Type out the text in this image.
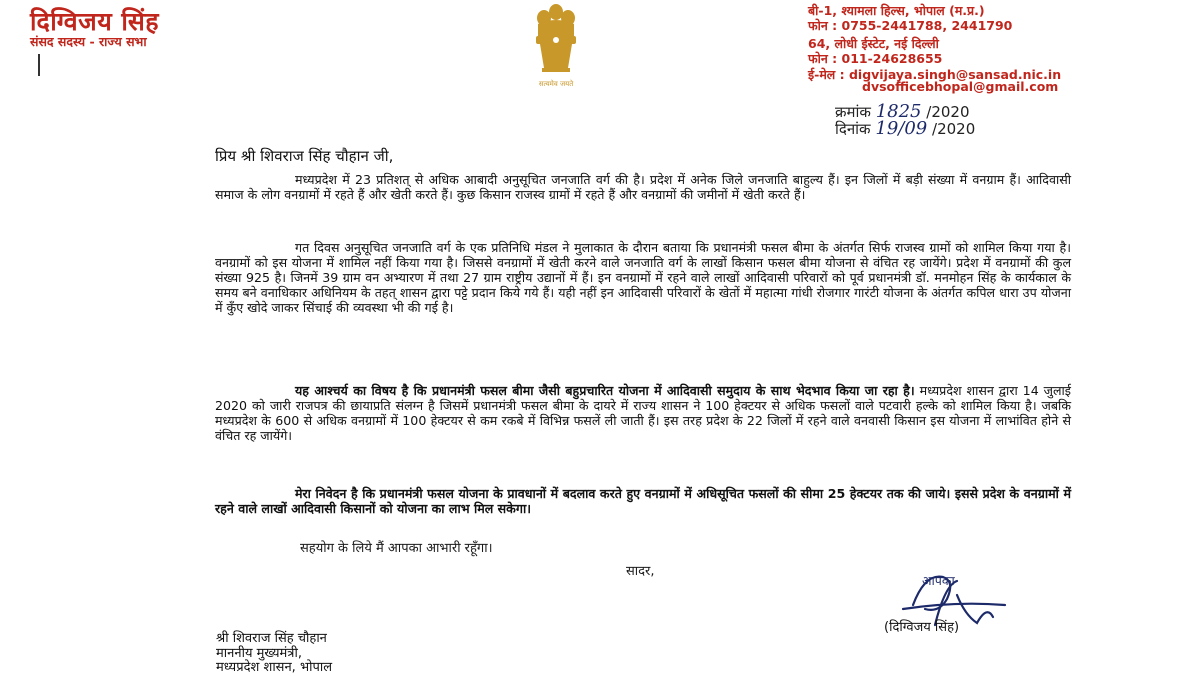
दिग्विजय सिंह
संसद सदस्य - राज्य सभा
सत्यमेव जयते
बी-1, श्यामला हिल्स, भोपाल (म.प्र.)
फोन : 0755-2441788, 2441790
64, लोधी ईस्टेट, नई दिल्ली
फोन : 011-24628655
ई-मेल : digvijaya.singh@sansad.nic.in
dvsofficebhopal@gmail.com
क्रमांक 1825 /2020
दिनांक 19/09 /2020
प्रिय श्री शिवराज सिंह चौहान जी,

मध्यप्रदेश में 23 प्रतिशत् से अधिक आबादी अनुसूचित जनजाति वर्ग की है। प्रदेश में अनेक जिले जनजाति बाहुल्य हैं। इन जिलों में बड़ी संख्या में वनग्राम हैं। आदिवासी समाज के लोग वनग्रामों में रहते हैं और खेती करते हैं। कुछ किसान राजस्व ग्रामों में रहते हैं और वनग्रामों की जमीनों में खेती करते हैं।

गत दिवस अनुसूचित जनजाति वर्ग के एक प्रतिनिधि मंडल ने मुलाकात के दौरान बताया कि प्रधानमंत्री फसल बीमा के अंतर्गत सिर्फ राजस्व ग्रामों को शामिल किया गया है। वनग्रामों को इस योजना में शामिल नहीं किया गया है। जिससे वनग्रामों में खेती करने वाले जनजाति वर्ग के लाखों किसान फसल बीमा योजना से वंचित रह जायेंगे। प्रदेश में वनग्रामों की कुल संख्या 925 है। जिनमें 39 ग्राम वन अभ्यारण में तथा 27 ग्राम राष्ट्रीय उद्यानों में हैं। इन वनग्रामों में रहने वाले लाखों आदिवासी परिवारों को पूर्व प्रधानमंत्री डॉ. मनमोहन सिंह के कार्यकाल के समय बने वनाधिकार अधिनियम के तहत् शासन द्वारा पट्टे प्रदान किये गये हैं। यही नहीं इन आदिवासी परिवारों के खेतों में महात्मा गांधी रोजगार गारंटी योजना के अंतर्गत कपिल धारा उप योजना में कुँए खोदे जाकर सिंचाई की व्यवस्था भी की गई है।

यह आश्चर्य का विषय है कि प्रधानमंत्री फसल बीमा जैसी बहुप्रचारित योजना में आदिवासी समुदाय के साथ भेदभाव किया जा रहा है। मध्यप्रदेश शासन द्वारा 14 जुलाई 2020 को जारी राजपत्र की छायाप्रति संलग्न है जिसमें प्रधानमंत्री फसल बीमा के दायरे में राज्य शासन ने 100 हेक्टयर से अधिक फसलों वाले पटवारी हल्के को शामिल किया है। जबकि मध्यप्रदेश के 600 से अधिक वनग्रामों में 100 हेक्टयर से कम रकबे में विभिन्न फसलें ली जाती हैं। इस तरह प्रदेश के 22 जिलों में रहने वाले वनवासी किसान इस योजना में लाभांवित होने से वंचित रह जायेंगे।

मेरा निवेदन है कि प्रधानमंत्री फसल योजना के प्रावधानों में बदलाव करते हुए वनग्रामों में अधिसूचित फसलों की सीमा 25 हेक्टयर तक की जाये। इससे प्रदेश के वनग्रामों में रहने वाले लाखों आदिवासी किसानों को योजना का लाभ मिल सकेगा।

सहयोग के लिये मैं आपका आभारी रहूँगा।
सादर,
आपका
(दिग्विजय सिंह)
श्री शिवराज सिंह चौहान
माननीय मुख्यमंत्री,
मध्यप्रदेश शासन, भोपाल
